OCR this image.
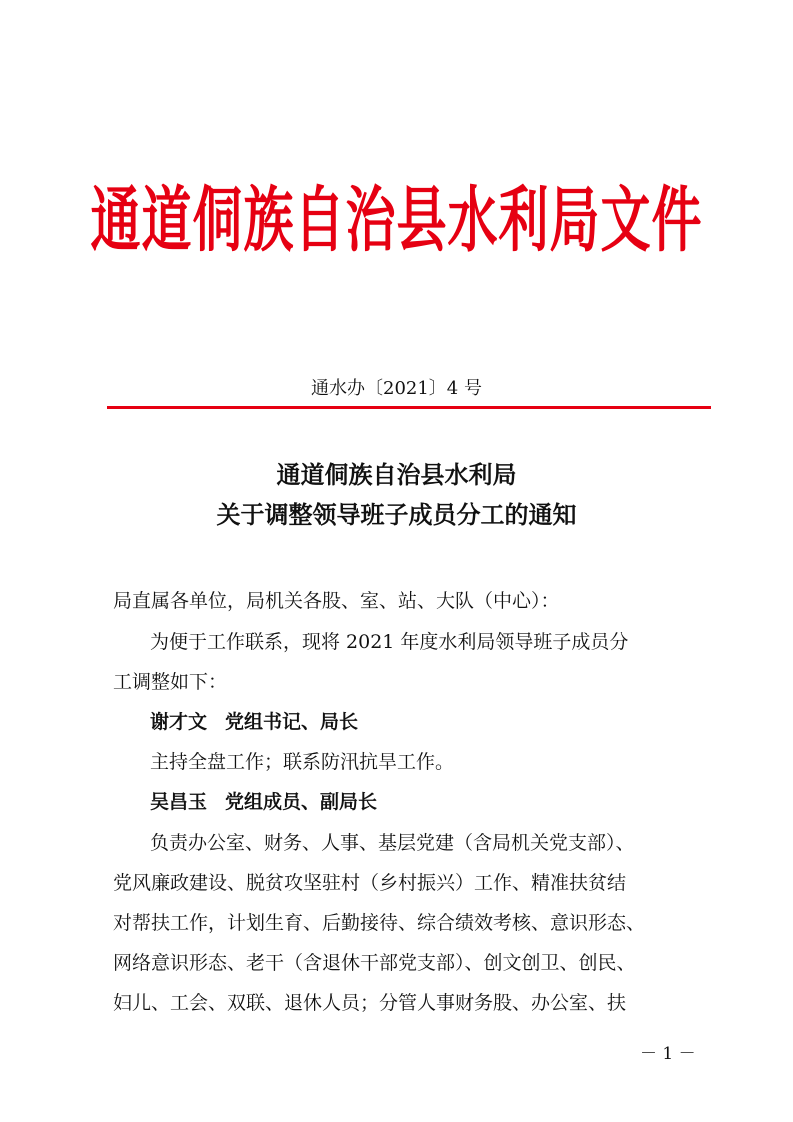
通道侗族自治县水利局文件
通水办〔2021〕4 号
通道侗族自治县水利局
关于调整领导班子成员分工的通知
局直属各单位，局机关各股、室、站、大队（中心）：
为便于工作联系，现将 2021 年度水利局领导班子成员分
工调整如下：
谢才文 党组书记、局长
主持全盘工作；联系防汛抗旱工作。
吴昌玉 党组成员、副局长
负责办公室、财务、人事、基层党建（含局机关党支部）、
党风廉政建设、脱贫攻坚驻村（乡村振兴）工作、精准扶贫结
对帮扶工作，计划生育、后勤接待、综合绩效考核、意识形态、
网络意识形态、老干（含退休干部党支部）、创文创卫、创民、
妇儿、工会、双联、退休人员；分管人事财务股、办公室、扶
－ 1 －
